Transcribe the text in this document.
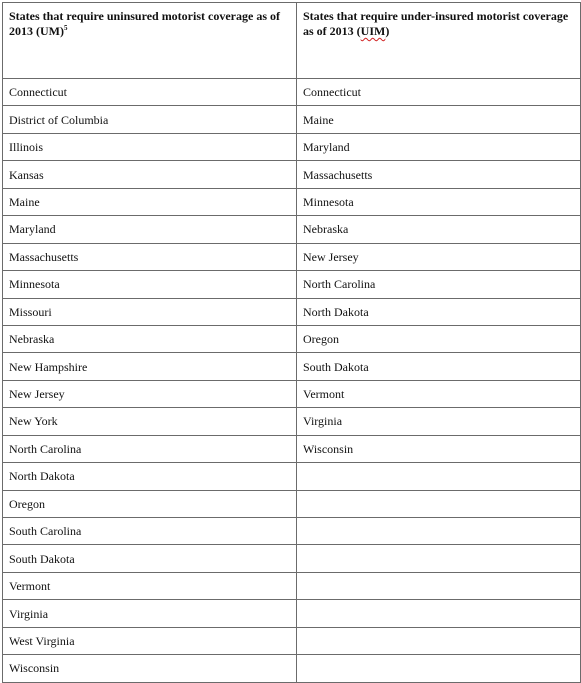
States that require uninsured motorist coverage as of 2013 (UM)$^5$	States that require under-insured motorist coverage as of 2013 (UIM)
Connecticut	Connecticut
District of Columbia	Maine
Illinois	Maryland
Kansas	Massachusetts
Maine	Minnesota
Maryland	Nebraska
Massachusetts	New Jersey
Minnesota	North Carolina
Missouri	North Dakota
Nebraska	Oregon
New Hampshire	South Dakota
New Jersey	Vermont
New York	Virginia
North Carolina	Wisconsin
North Dakota	
Oregon	
South Carolina	
South Dakota	
Vermont	
Virginia	
West Virginia	
Wisconsin	
